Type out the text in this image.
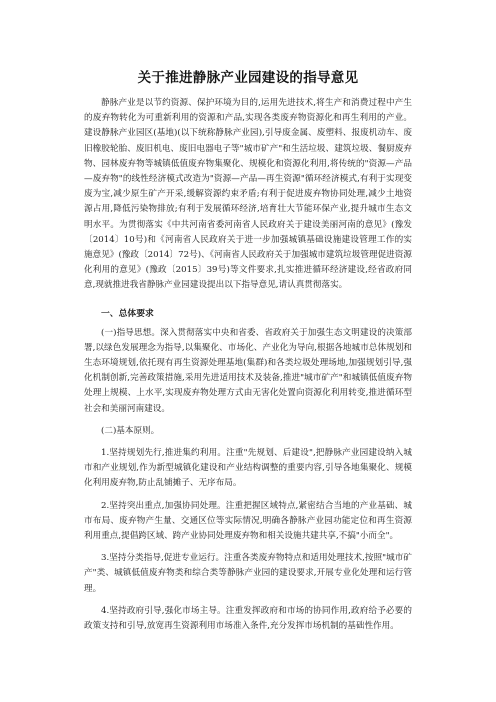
关于推进静脉产业园建设的指导意见

静脉产业是以节约资源、保护环境为目的,运用先进技术,将生产和消费过程中产生的废弃物转化为可重新利用的资源和产品,实现各类废弃物资源化和再生利用的产业。建设静脉产业园区(基地)(以下统称静脉产业园),引导废金属、废塑料、报废机动车、废旧橡胶轮胎、废旧机电、废旧电器电子等"城市矿产"和生活垃圾、建筑垃圾、餐厨废弃物、园林废弃物等城镇低值废弃物集聚化、规模化和资源化利用,将传统的"资源—产品—废弃物"的线性经济模式改造为"资源—产品—再生资源"循环经济模式,有利于实现变废为宝,减少原生矿产开采,缓解资源约束矛盾;有利于促进废弃物协同处理,减少土地资源占用,降低污染物排放;有利于发展循环经济,培育壮大节能环保产业,提升城市生态文明水平。为贯彻落实《中共河南省委河南省人民政府关于建设美丽河南的意见》(豫发〔2014〕10号)和《河南省人民政府关于进一步加强城镇基础设施建设管理工作的实施意见》(豫政〔2014〕72号)、《河南省人民政府关于加强城市建筑垃圾管理促进资源化利用的意见》(豫政〔2015〕39号)等文件要求,扎实推进循环经济建设,经省政府同意,现就推进我省静脉产业园建设提出以下指导意见,请认真贯彻落实。

一、总体要求

(一)指导思想。深入贯彻落实中央和省委、省政府关于加强生态文明建设的决策部署,以绿色发展理念为指导,以集聚化、市场化、产业化为导向,根据各地城市总体规划和生态环境规划,依托现有再生资源处理基地(集群)和各类垃圾处理场地,加强规划引导,强化机制创新,完善政策措施,采用先进适用技术及装备,推进"城市矿产"和城镇低值废弃物处理上规模、上水平,实现废弃物处理方式由无害化处置向资源化利用转变,推进循环型社会和美丽河南建设。

(二)基本原则。

1.坚持规划先行,推进集约利用。注重"先规划、后建设",把静脉产业园建设纳入城市和产业规划,作为新型城镇化建设和产业结构调整的重要内容,引导各地集聚化、规模化利用废弃物,防止乱铺摊子、无序布局。

2.坚持突出重点,加强协同处理。注重把握区域特点,紧密结合当地的产业基础、城市布局、废弃物产生量、交通区位等实际情况,明确各静脉产业园功能定位和再生资源利用重点,提倡跨区域、跨产业协同处理废弃物和相关设施共建共享,不搞"小而全"。

3.坚持分类指导,促进专业运行。注重各类废弃物特点和适用处理技术,按照"城市矿产"类、城镇低值废弃物类和综合类等静脉产业园的建设要求,开展专业化处理和运行管理。

4.坚持政府引导,强化市场主导。注重发挥政府和市场的协同作用,政府给予必要的政策支持和引导,放宽再生资源利用市场准入条件,充分发挥市场机制的基础性作用。
